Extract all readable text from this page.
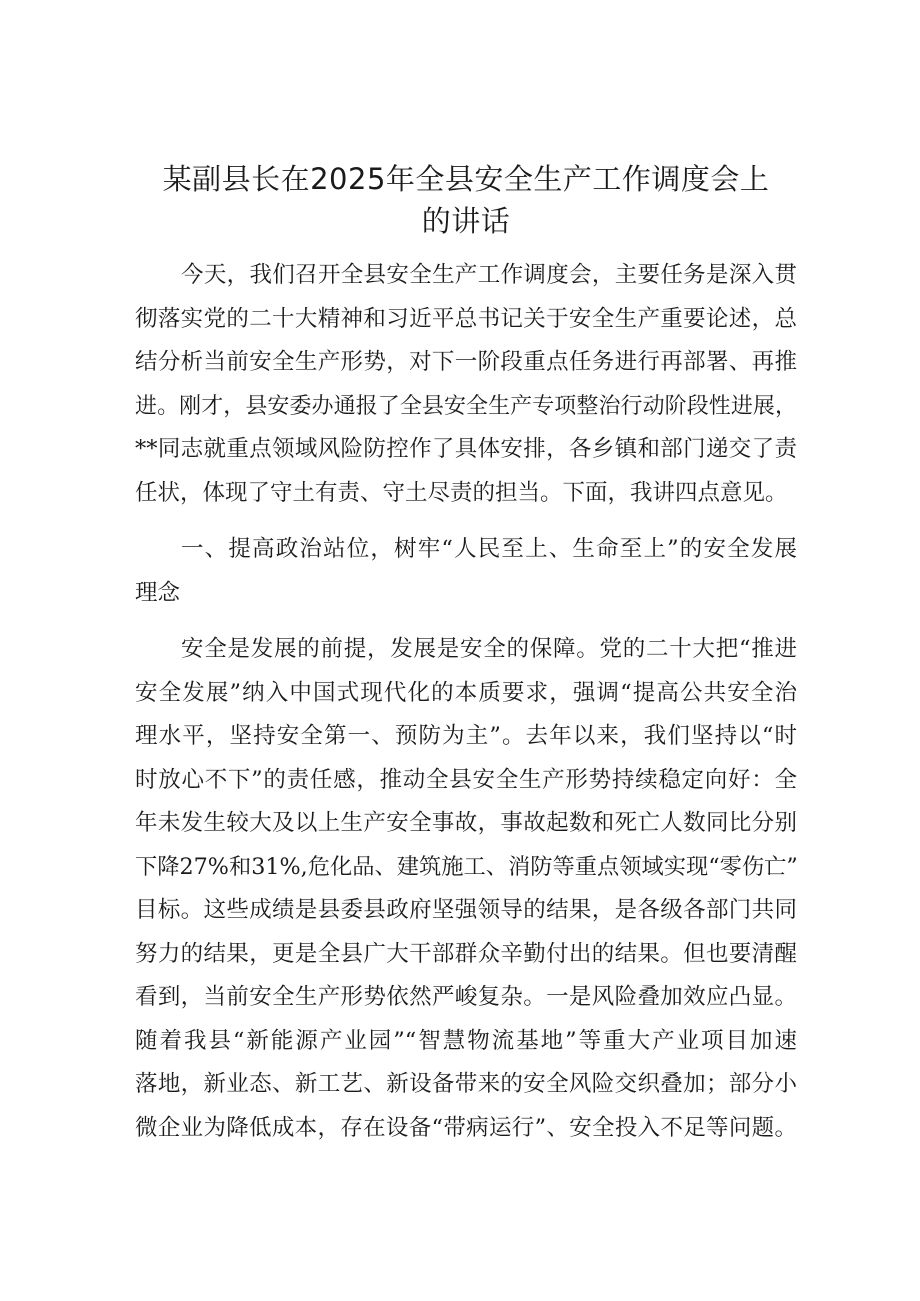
某副县长在2025年全县安全生产工作调度会上
的讲话

今天，我们召开全县安全生产工作调度会，主要任务是深入贯
彻落实党的二十大精神和习近平总书记关于安全生产重要论述，总
结分析当前安全生产形势，对下一阶段重点任务进行再部署、再推
进。刚才，县安委办通报了全县安全生产专项整治行动阶段性进展，
**同志就重点领域风险防控作了具体安排，各乡镇和部门递交了责
任状，体现了守土有责、守土尽责的担当。下面，我讲四点意见。

一、提高政治站位，树牢“人民至上、生命至上”的安全发展
理念

安全是发展的前提，发展是安全的保障。党的二十大把“推进
安全发展”纳入中国式现代化的本质要求，强调“提高公共安全治
理水平，坚持安全第一、预防为主”。去年以来，我们坚持以“时
时放心不下”的责任感，推动全县安全生产形势持续稳定向好：全
年未发生较大及以上生产安全事故，事故起数和死亡人数同比分别
下降27%和31%,危化品、建筑施工、消防等重点领域实现“零伤亡”
目标。这些成绩是县委县政府坚强领导的结果，是各级各部门共同
努力的结果，更是全县广大干部群众辛勤付出的结果。但也要清醒
看到，当前安全生产形势依然严峻复杂。一是风险叠加效应凸显。
随着我县“新能源产业园”“智慧物流基地”等重大产业项目加速
落地，新业态、新工艺、新设备带来的安全风险交织叠加；部分小
微企业为降低成本，存在设备“带病运行”、安全投入不足等问题。
